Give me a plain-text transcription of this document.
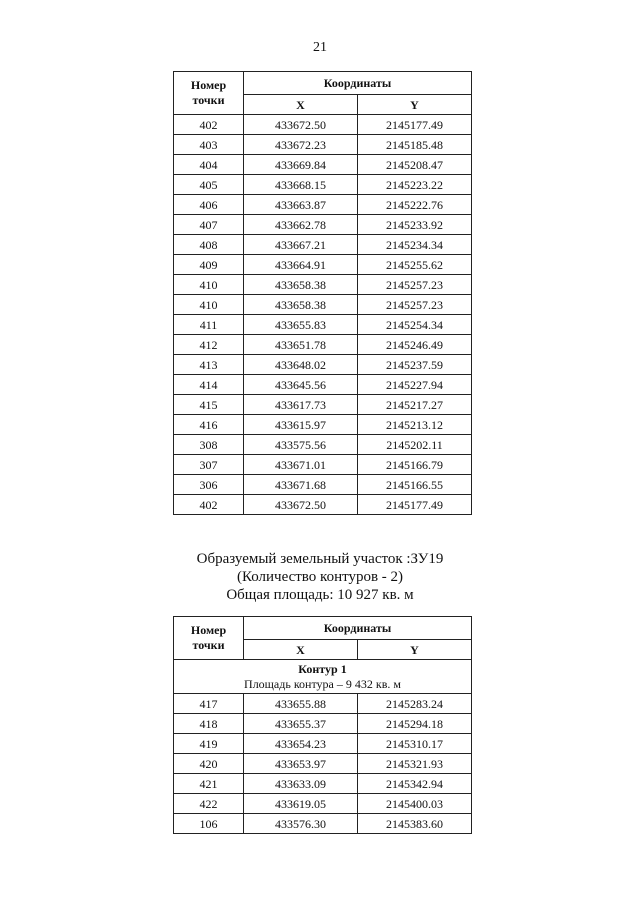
21
Номер точки	Координаты	
	X	Y
402	433672.50	2145177.49
403	433672.23	2145185.48
404	433669.84	2145208.47
405	433668.15	2145223.22
406	433663.87	2145222.76
407	433662.78	2145233.92
408	433667.21	2145234.34
409	433664.91	2145255.62
410	433658.38	2145257.23
410	433658.38	2145257.23
411	433655.83	2145254.34
412	433651.78	2145246.49
413	433648.02	2145237.59
414	433645.56	2145227.94
415	433617.73	2145217.27
416	433615.97	2145213.12
308	433575.56	2145202.11
307	433671.01	2145166.79
306	433671.68	2145166.55
402	433672.50	2145177.49
Образуемый земельный участок :ЗУ19
(Количество контуров - 2)
Общая площадь: 10 927 кв. м
Номер точки	Координаты	
	X	Y

Контур 1
Площадь контура – 9 432 кв. м		

417	433655.88	2145283.24
418	433655.37	2145294.18
419	433654.23	2145310.17
420	433653.97	2145321.93
421	433633.09	2145342.94
422	433619.05	2145400.03
106	433576.30	2145383.60
